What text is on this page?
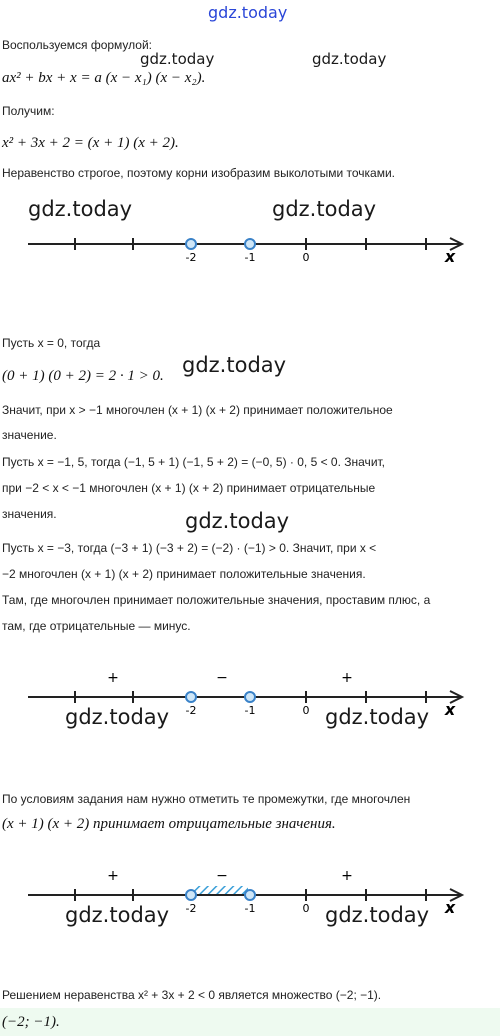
gdz.today
Воспользуемся формулой:
gdz.today	gdz.today
ax² + bx + x = a (x − x₁) (x − x₂).
Получим:
x² + 3x + 2 = (x + 1) (x + 2).
Неравенство строгое, поэтому корни изобразим выколотыми точками.
gdz.today	gdz.today
-2	-1	0	x
Пусть x = 0, тогда
gdz.today
(0 + 1) (0 + 2) = 2 · 1 > 0.
Значит, при x > −1 многочлен (x + 1) (x + 2) принимает положительное
значение.
Пусть x = −1, 5, тогда (−1, 5 + 1) (−1, 5 + 2) = (−0, 5) · 0, 5 < 0. Значит,
при −2 < x < −1 многочлен (x + 1) (x + 2) принимает отрицательные
значения.	gdz.today
Пусть x = −3, тогда (−3 + 1) (−3 + 2) = (−2) · (−1) > 0. Значит, при x <
−2 многочлен (x + 1) (x + 2) принимает положительные значения.
Там, где многочлен принимает положительные значения, проставим плюс, а
там, где отрицательные — минус.
+	−	+
-2	-1	0	x
gdz.today	gdz.today
По условиям задания нам нужно отметить те промежутки, где многочлен
(x + 1) (x + 2) принимает отрицательные значения.
+	−	+
-2	-1	0	x
gdz.today	gdz.today
Решением неравенства x² + 3x + 2 < 0 является множество (−2; −1).
(−2; −1).
